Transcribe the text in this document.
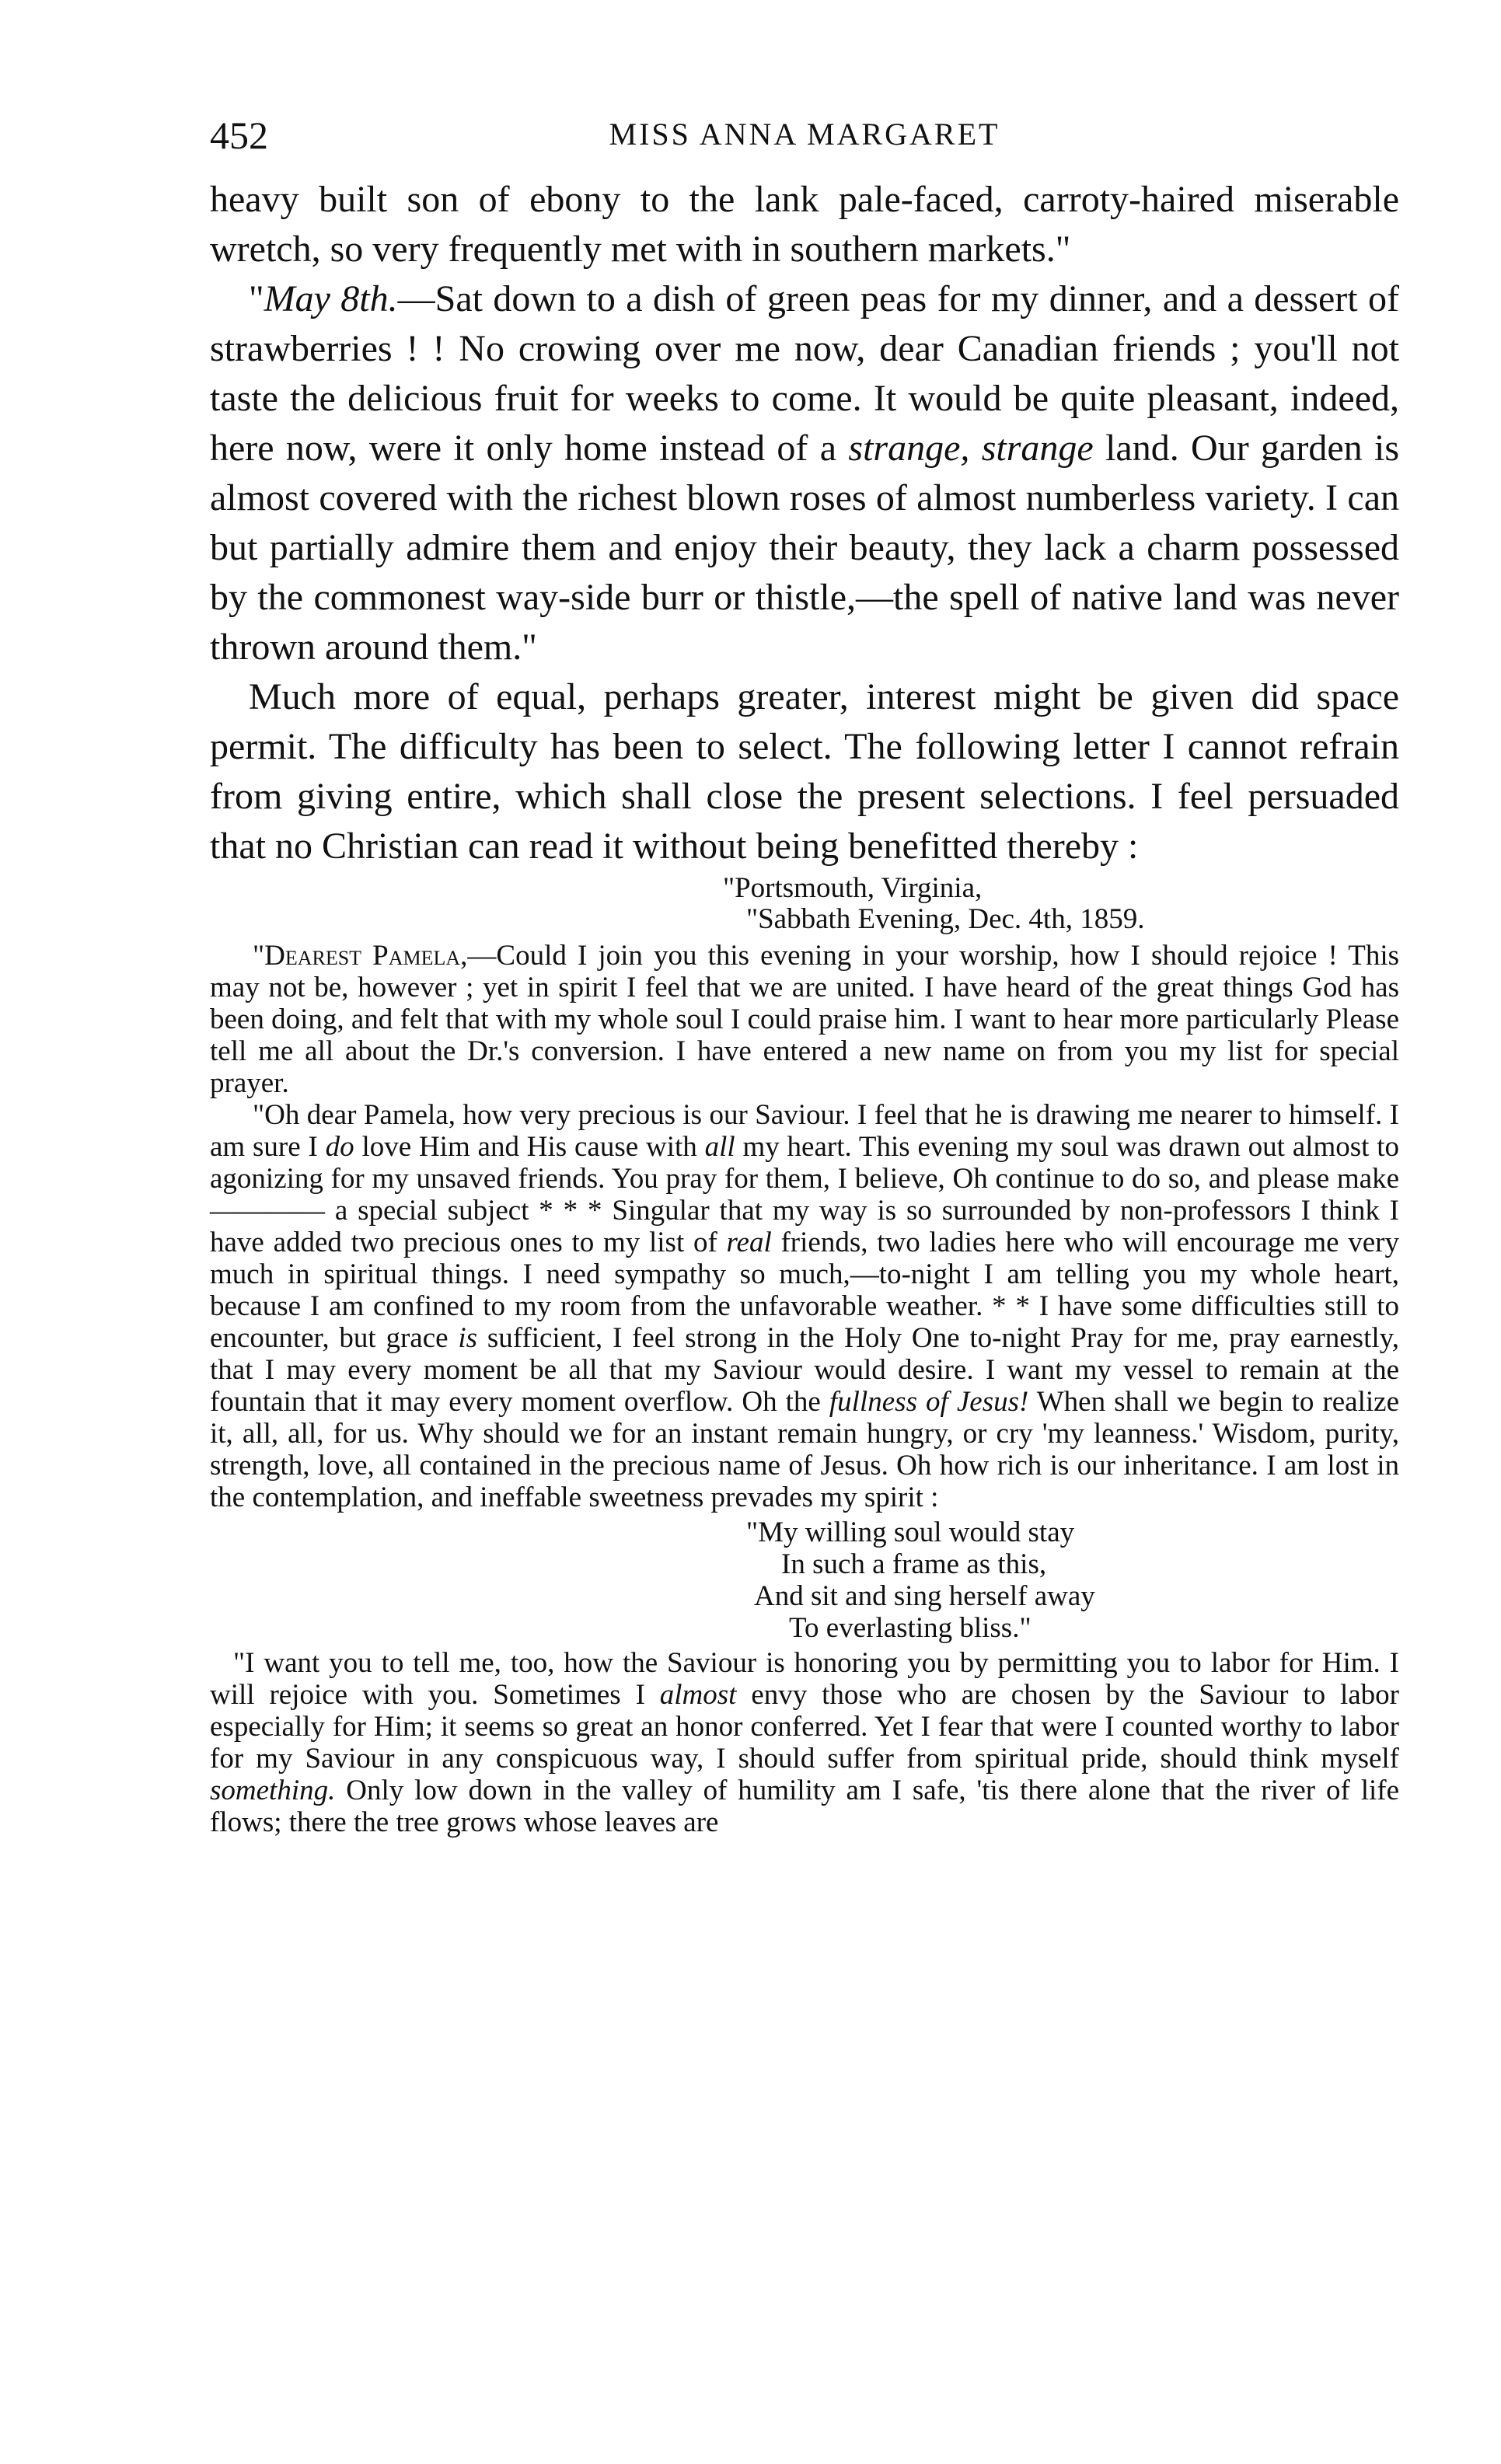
452	MISS ANNA MARGARET

heavy built son of ebony to the lank pale-faced, carroty-haired miserable wretch, so very frequently met with in southern markets."

"May 8th.—Sat down to a dish of green peas for my dinner, and a dessert of strawberries ! ! No crowing over me now, dear Canadian friends ; you'll not taste the delicious fruit for weeks to come. It would be quite pleasant, indeed, here now, were it only home instead of a strange, strange land. Our garden is almost covered with the richest blown roses of almost numberless variety. I can but partially admire them and enjoy their beauty, they lack a charm possessed by the commonest way-side burr or thistle,—the spell of native land was never thrown around them."

Much more of equal, perhaps greater, interest might be given did space permit. The difficulty has been to select. The following letter I cannot refrain from giving entire, which shall close the present selections. I feel persuaded that no Christian can read it without being benefitted thereby :

"Portsmouth, Virginia,

"Sabbath Evening, Dec. 4th, 1859.

"Dearest Pamela,—Could I join you this evening in your worship, how I should rejoice ! This may not be, however ; yet in spirit I feel that we are united. I have heard of the great things God has been doing, and felt that with my whole soul I could praise him. I want to hear more particularly Please tell me all about the Dr.'s conversion. I have entered a new name on from you my list for special prayer.

"Oh dear Pamela, how very precious is our Saviour. I feel that he is drawing me nearer to himself. I am sure I do love Him and His cause with all my heart. This evening my soul was drawn out almost to agonizing for my unsaved friends. You pray for them, I believe, Oh continue to do so, and please make ———— a special subject * * * Singular that my way is so surrounded by non-professors I think I have added two precious ones to my list of real friends, two ladies here who will encourage me very much in spiritual things. I need sympathy so much,—to-night I am telling you my whole heart, because I am confined to my room from the unfavorable weather. * * I have some difficulties still to encounter, but grace is sufficient, I feel strong in the Holy One to-night Pray for me, pray earnestly, that I may every moment be all that my Saviour would desire. I want my vessel to remain at the fountain that it may every moment overflow. Oh the fullness of Jesus! When shall we begin to realize it, all, all, for us. Why should we for an instant remain hungry, or cry 'my leanness.' Wisdom, purity, strength, love, all contained in the precious name of Jesus. Oh how rich is our inheritance. I am lost in the contemplation, and ineffable sweetness prevades my spirit :

"My willing soul would stay
In such a frame as this,
And sit and sing herself away
To everlasting bliss."

"I want you to tell me, too, how the Saviour is honoring you by permitting you to labor for Him. I will rejoice with you. Sometimes I almost envy those who are chosen by the Saviour to labor especially for Him; it seems so great an honor conferred. Yet I fear that were I counted worthy to labor for my Saviour in any conspicuous way, I should suffer from spiritual pride, should think myself something. Only low down in the valley of humility am I safe, 'tis there alone that the river of life flows; there the tree grows whose leaves are
